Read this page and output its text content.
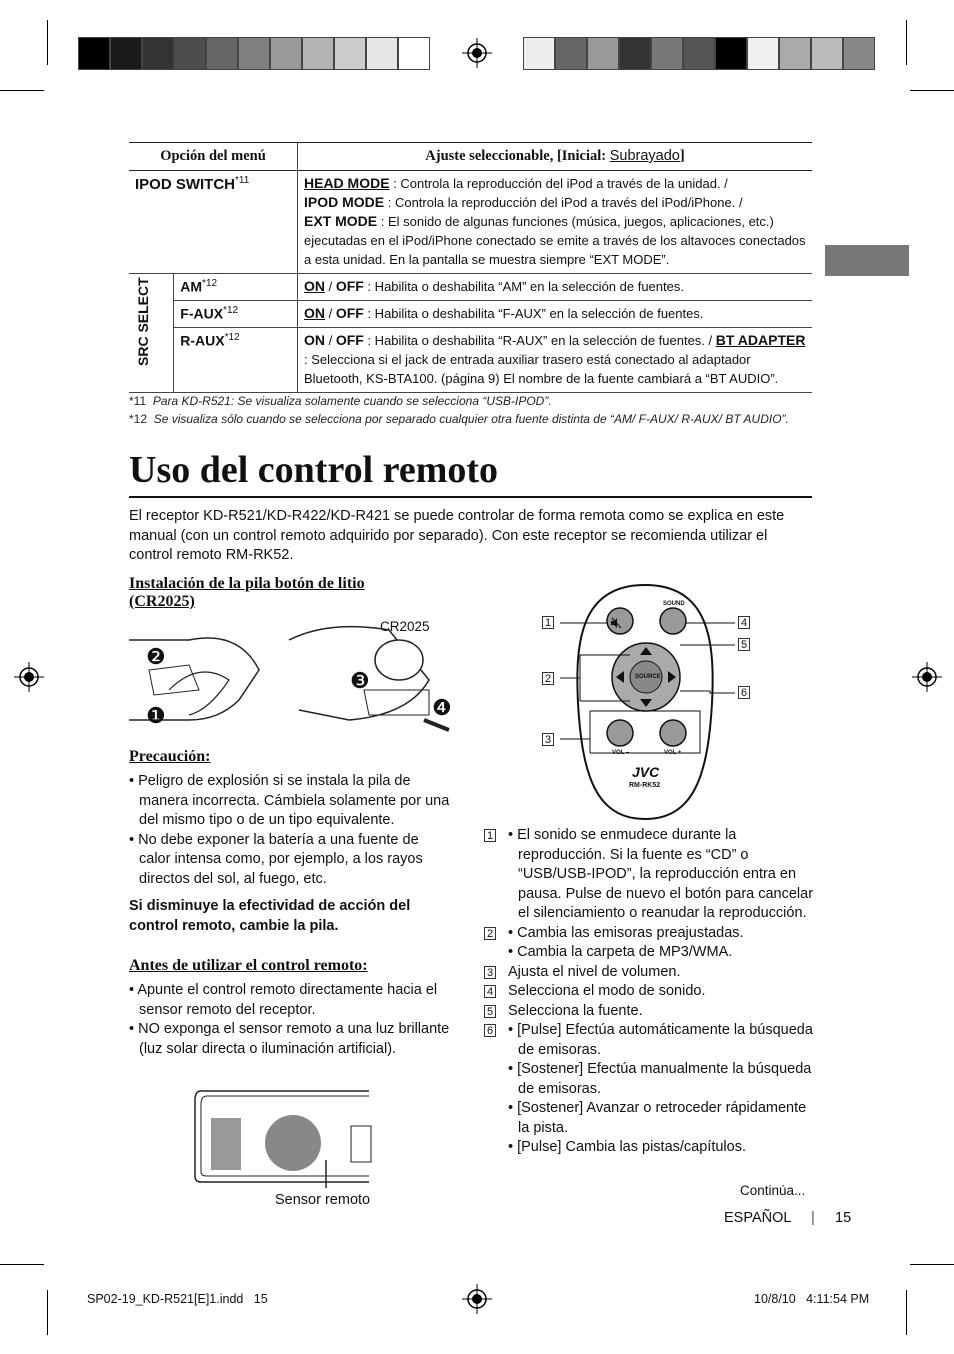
Opción del menú		Ajuste seleccionable, [Inicial: Subrayado]
IPOD SWITCH$^{*11}$		HEAD MODE : Controla la reproducción del iPod a través de la unidad. /
IPOD MODE : Controla la reproducción del iPod a través del iPod/iPhone. /
EXT MODE : El sonido de algunas funciones (música, juegos, aplicaciones, etc.) ejecutadas en el iPod/iPhone conectado se emite a través de los altavoces conectados a esta unidad. En la pantalla se muestra siempre “EXT MODE”.

SRC SELECT	AM$^{*12}$	ON / OFF : Habilita o deshabilita “AM” en la selección de fuentes.
	F-AUX$^{*12}$	ON / OFF : Habilita o deshabilita “F-AUX” en la selección de fuentes.
	R-AUX$^{*12}$	ON / OFF : Habilita o deshabilita “R-AUX” en la selección de fuentes. / BT ADAPTER : Selecciona si el jack de entrada auxiliar trasero está conectado al adaptador Bluetooth, KS-BTA100. (página 9) El nombre de la fuente cambiará a “BT AUDIO”.
*11 Para KD-R521: Se visualiza solamente cuando se selecciona “USB-IPOD”.
*12 Se visualiza sólo cuando se selecciona por separado cualquier otra fuente distinta de “AM/ F-AUX/ R-AUX/ BT AUDIO”.
Uso del control remoto
El receptor KD-R521/KD-R422/KD-R421 se puede controlar de forma remota como se explica en este manual (con un control remoto adquirido por separado). Con este receptor se recomienda utilizar el control remoto RM-RK52.
Instalación de la pila botón de litio
(CR2025)
CR2025
❷
❶
❸
❹
Precaución:
• Peligro de explosión si se instala la pila de manera incorrecta. Cámbiela solamente por una del mismo tipo o de un tipo equivalente.
• No debe exponer la batería a una fuente de calor intensa como, por ejemplo, a los rayos directos del sol, al fuego, etc.
Si disminuye la efectividad de acción del control remoto, cambie la pila.
Antes de utilizar el control remoto:
• Apunte el control remoto directamente hacia el sensor remoto del receptor.
• NO exponga el sensor remoto a una luz brillante (luz solar directa o iluminación artificial).
Sensor remoto
SOUND
SOURCE
VOL –	VOL +
JVC
RM-RK52
1
2
3
4
5
6
1 • El sonido se enmudece durante la reproducción. Si la fuente es “CD” o “USB/USB-IPOD”, la reproducción entra en pausa. Pulse de nuevo el botón para cancelar el silenciamiento o reanudar la reproducción.
2 • Cambia las emisoras preajustadas.
• Cambia la carpeta de MP3/WMA.
3 Ajusta el nivel de volumen.
4 Selecciona el modo de sonido.
5 Selecciona la fuente.
6 • [Pulse] Efectúa automáticamente la búsqueda de emisoras.
• [Sostener] Efectúa manualmente la búsqueda de emisoras.
• [Sostener] Avanzar o retroceder rápidamente la pista.
• [Pulse] Cambia las pistas/capítulos.
Continúa...
ESPAÑOL | 15
SP02-19_KD-R521[E]1.indd   15	10/8/10   4:11:54 PM
